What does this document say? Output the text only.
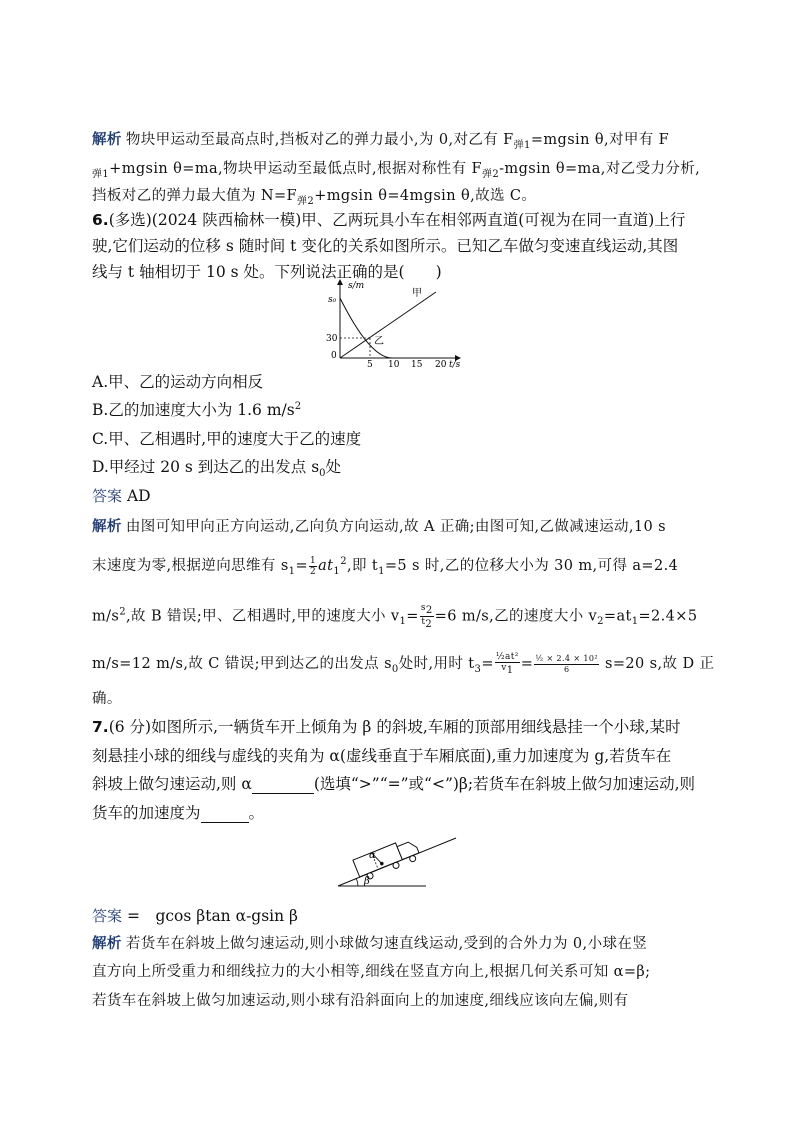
解析 物块甲运动至最高点时,挡板对乙的弹力最小,为 0,对乙有 $F_{弹1}=mgsin$ θ,对甲有 F
$_{弹1}$+mgsin θ=ma,物块甲运动至最低点时,根据对称性有 $F_{弹2}$-mgsin θ=ma,对乙受力分析,
挡板对乙的弹力最大值为 $N=F_{弹2}+mgsin$ θ=4mgsin θ,故选 C。
6.(多选)(2024 陕西榆林一模)甲、乙两玩具小车在相邻两直道(可视为在同一直道)上行
驶,它们运动的位移 s 随时间 t 变化的关系如图所示。已知乙车做匀变速直线运动,其图
线与 t 轴相切于 10 s 处。下列说法正确的是(　　)
s/m
s₀
30
0
5 10 15 20 t/s
甲
乙
A.甲、乙的运动方向相反
B.乙的加速度大小为 1.6 $m/s^2$
C.甲、乙相遇时,甲的速度大于乙的速度
D.甲经过 20 s 到达乙的出发点 $s_0$处
答案 AD
解析 由图可知甲向正方向运动,乙向负方向运动,故 A 正确;由图可知,乙做减速运动,10 s
末速度为零,根据逆向思维有 $s_1= \frac{1}{2} at_1^2$,即 $t_1=5$ s 时,乙的位移大小为 30 m,可得 a=2.4
$m/s^2$,故 B 错误;甲、乙相遇时,甲的速度大小 $v_1= \frac{s_2}{t_2} =6$ m/s,乙的速度大小 $v_2=at_1=2.4\times 5$
m/s=12 m/s,故 C 错误;甲到达乙的出发点 $s_0$处时,用时 $t_3= \frac{\text{½at²}}{v_1} = \frac{\text{½ × 2.4 × 10²}}{6} s=20$ s,故 D 正
确。
7.(6 分)如图所示,一辆货车开上倾角为 β 的斜坡,车厢的顶部用细线悬挂一个小球,某时
刻悬挂小球的细线与虚线的夹角为 α(虚线垂直于车厢底面),重力加速度为 g,若货车在
斜坡上做匀速运动,则 α	(选填“>”“=”或“<”)β;若货车在斜坡上做匀加速运动,则
货车的加速度为	。
α
β
答案 =　gcos βtan α-gsin β
解析 若货车在斜坡上做匀速运动,则小球做匀速直线运动,受到的合外力为 0,小球在竖
直方向上所受重力和细线拉力的大小相等,细线在竖直方向上,根据几何关系可知 α=β;
若货车在斜坡上做匀加速运动,则小球有沿斜面向上的加速度,细线应该向左偏,则有
